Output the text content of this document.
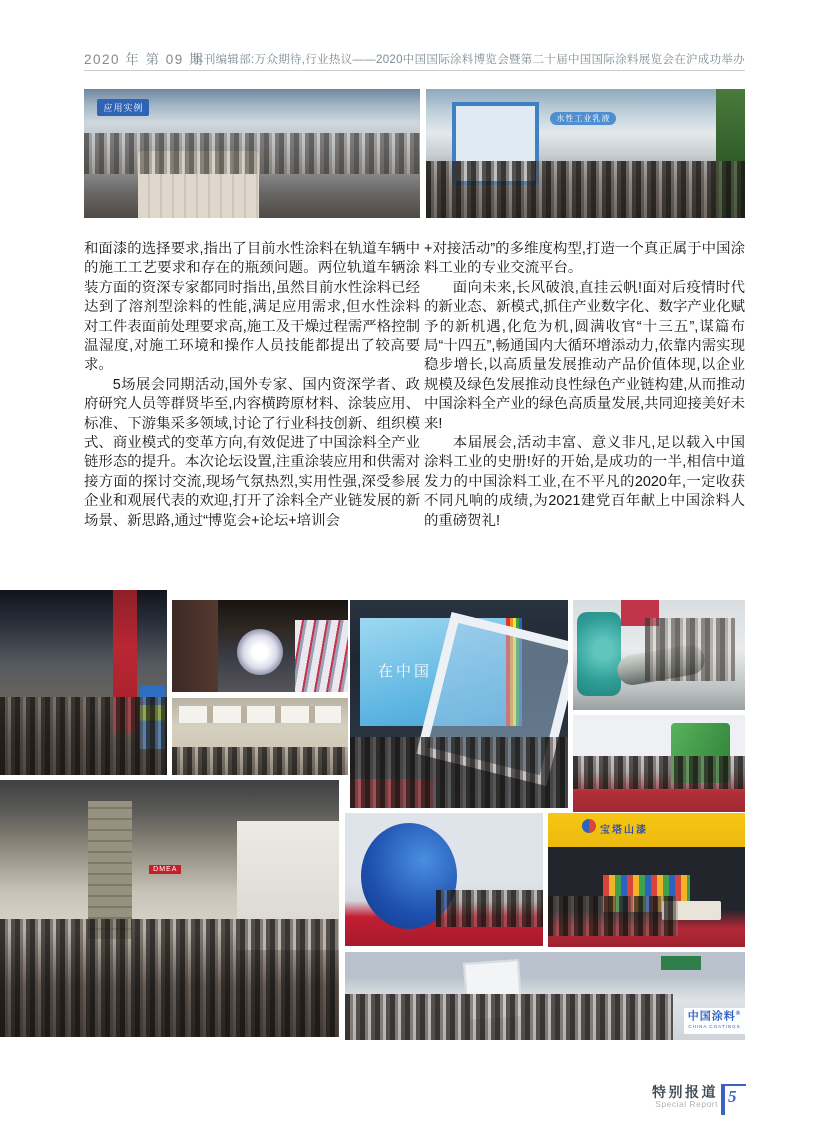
2020 年 第 09 期
本刊编辑部:万众期待,行业热议——2020中国国际涂料博览会暨第二十届中国国际涂料展览会在沪成功举办
应用实例
水性工业乳液

和面漆的选择要求,指出了目前水性涂料在轨道车辆中的施工工艺要求和存在的瓶颈问题。两位轨道车辆涂装方面的资深专家都同时指出,虽然目前水性涂料已经达到了溶剂型涂料的性能,满足应用需求,但水性涂料对工件表面前处理要求高,施工及干燥过程需严格控制温湿度,对施工环境和操作人员技能都提出了较高要求。

5场展会同期活动,国外专家、国内资深学者、政府研究人员等群贤毕至,内容横跨原材料、涂装应用、标准、下游集采多领域,讨论了行业科技创新、组织模式、商业模式的变革方向,有效促进了中国涂料全产业链形态的提升。本次论坛设置,注重涂装应用和供需对接方面的探讨交流,现场气氛热烈,实用性强,深受参展企业和观展代表的欢迎,打开了涂料全产业链发展的新场景、新思路,通过“博览会+论坛+培训会

+对接活动”的多维度构型,打造一个真正属于中国涂料工业的专业交流平台。

面向未来,长风破浪,直挂云帆!面对后疫情时代的新业态、新模式,抓住产业数字化、数字产业化赋予的新机遇,化危为机,圆满收官“十三五”,谋篇布局“十四五”,畅通国内大循环增添动力,依靠内需实现稳步增长,以高质量发展推动产品价值体现,以企业规模及绿色发展推动良性绿色产业链构建,从而推动中国涂料全产业的绿色高质量发展,共同迎接美好未来!

本届展会,活动丰富、意义非凡,足以载入中国涂料工业的史册!好的开始,是成功的一半,相信中道发力的中国涂料工业,在不平凡的2020年,一定收获不同凡响的成绩,为2021建党百年献上中国涂料人的重磅贺礼!

在中国
DMEA
宝塔山漆
中国涂料®
CHINA COATINGS
特别报道
Special Report 5
